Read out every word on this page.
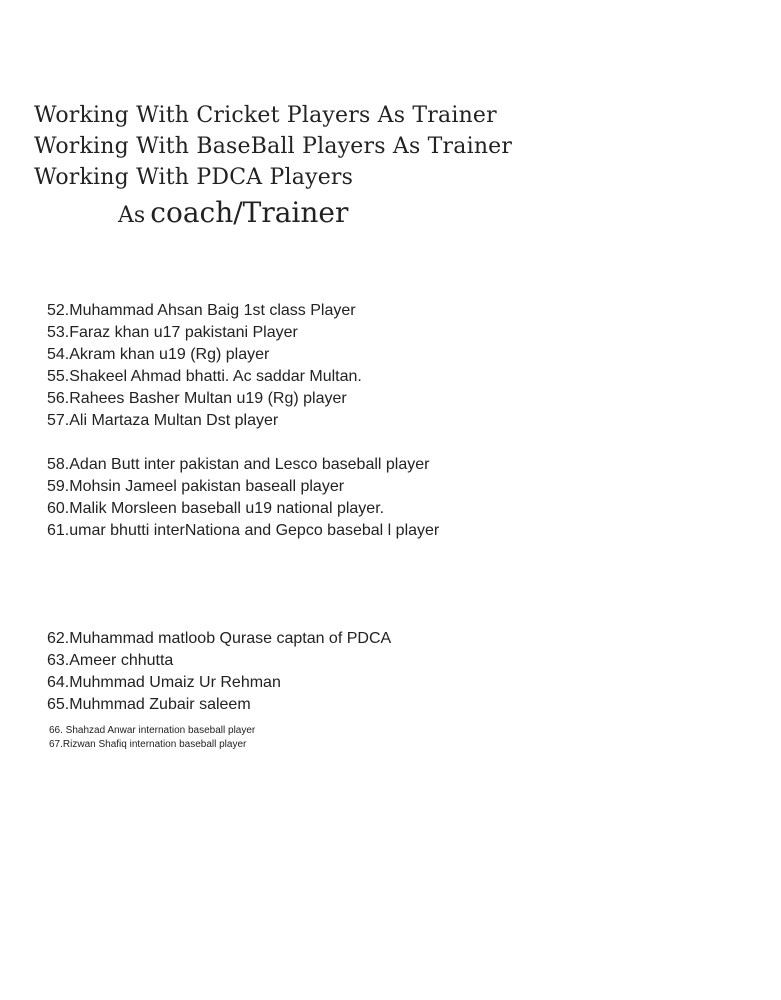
Working With Cricket Players As Trainer
Working With BaseBall Players As Trainer
Working With PDCA Players
As coach/Trainer
52.Muhammad Ahsan Baig 1st class Player
53.Faraz khan u17 pakistani Player
54.Akram khan u19 (Rg) player
55.Shakeel Ahmad bhatti. Ac saddar Multan.
56.Rahees Basher Multan u19 (Rg) player
57.Ali Martaza Multan Dst player
58.Adan Butt inter pakistan and Lesco baseball player
59.Mohsin Jameel pakistan baseall player
60.Malik Morsleen baseball u19 national player.
61.umar bhutti interNationa and Gepco basebal l player
62.Muhammad matloob Qurase captan of PDCA
63.Ameer chhutta
64.Muhmmad Umaiz Ur Rehman
65.Muhmmad Zubair saleem
66. Shahzad Anwar internation baseball player
67.Rizwan Shafiq internation baseball player
